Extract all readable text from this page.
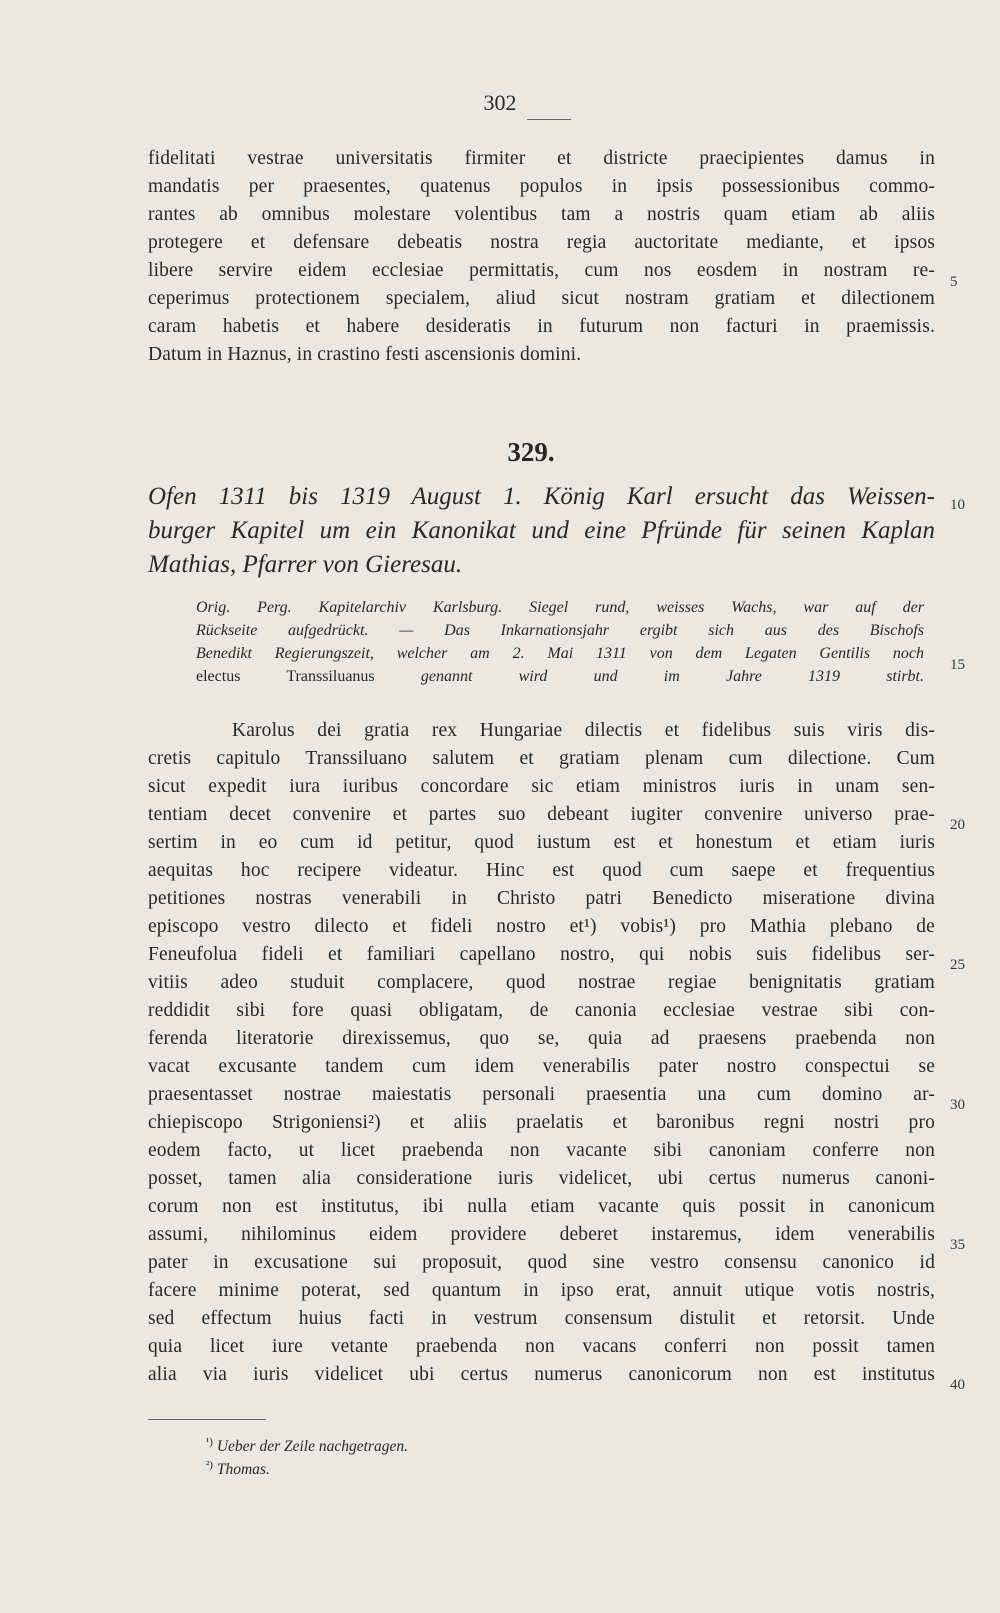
302
fidelitati vestrae universitatis firmiter et districte praecipientes damus in
mandatis per praesentes, quatenus populos in ipsis possessionibus commo-
rantes ab omnibus molestare volentibus tam a nostris quam etiam ab aliis
protegere et defensare debeatis nostra regia auctoritate mediante, et ipsos
libere servire eidem ecclesiae permittatis, cum nos eosdem in nostram re-
ceperimus protectionem specialem, aliud sicut nostram gratiam et dilectionem
caram habetis et habere desideratis in futurum non facturi in praemissis.
Datum in Haznus, in crastino festi ascensionis domini.
329.
Ofen 1311 bis 1319 August 1. König Karl ersucht das Weissen-
burger Kapitel um ein Kanonikat und eine Pfründe für seinen Kaplan
Mathias, Pfarrer von Gieresau.
Orig. Perg. Kapitelarchiv Karlsburg. Siegel rund, weisses Wachs, war auf der
Rückseite aufgedrückt. — Das Inkarnationsjahr ergibt sich aus des Bischofs
Benedikt Regierungszeit, welcher am 2. Mai 1311 von dem Legaten Gentilis noch
electus Transsiluanus genannt wird und im Jahre 1319 stirbt.
Karolus dei gratia rex Hungariae dilectis et fidelibus suis viris dis-
cretis capitulo Transsiluano salutem et gratiam plenam cum dilectione. Cum
sicut expedit iura iuribus concordare sic etiam ministros iuris in unam sen-
tentiam decet convenire et partes suo debeant iugiter convenire universo prae-
sertim in eo cum id petitur, quod iustum est et honestum et etiam iuris
aequitas hoc recipere videatur. Hinc est quod cum saepe et frequentius
petitiones nostras venerabili in Christo patri Benedicto miseratione divina
episcopo vestro dilecto et fideli nostro et¹) vobis¹) pro Mathia plebano de
Feneufolua fideli et familiari capellano nostro, qui nobis suis fidelibus ser-
vitiis adeo studuit complacere, quod nostrae regiae benignitatis gratiam
reddidit sibi fore quasi obligatam, de canonia ecclesiae vestrae sibi con-
ferenda literatorie direxissemus, quo se, quia ad praesens praebenda non
vacat excusante tandem cum idem venerabilis pater nostro conspectui se
praesentasset nostrae maiestatis personali praesentia una cum domino ar-
chiepiscopo Strigoniensi²) et aliis praelatis et baronibus regni nostri pro
eodem facto, ut licet praebenda non vacante sibi canoniam conferre non
posset, tamen alia consideratione iuris videlicet, ubi certus numerus canoni-
corum non est institutus, ibi nulla etiam vacante quis possit in canonicum
assumi, nihilominus eidem providere deberet instaremus, idem venerabilis
pater in excusatione sui proposuit, quod sine vestro consensu canonico id
facere minime poterat, sed quantum in ipso erat, annuit utique votis nostris,
sed effectum huius facti in vestrum consensum distulit et retorsit. Unde
quia licet iure vetante praebenda non vacans conferri non possit tamen
alia via iuris videlicet ubi certus numerus canonicorum non est institutus
5
10
15
20
25
30
35
40
$^{^1)}$ Ueber der Zeile nachgetragen.
$^{^2)}$ Thomas.
